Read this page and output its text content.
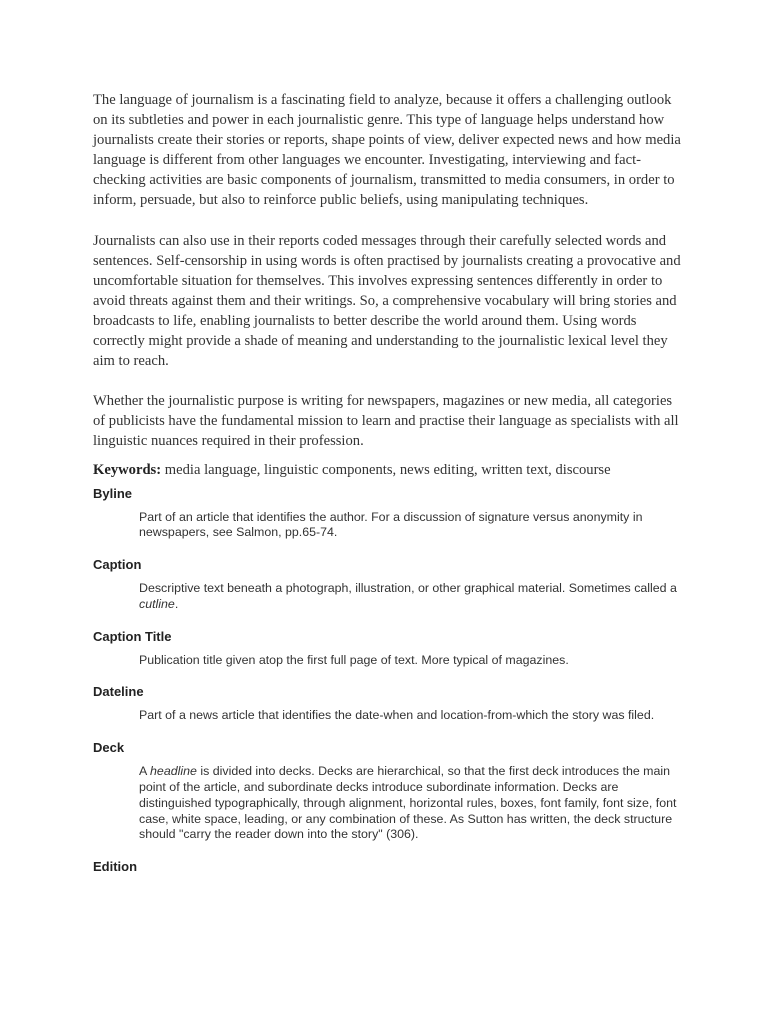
The language of journalism is a fascinating field to analyze, because it offers a challenging outlook on its subtleties and power in each journalistic genre. This type of language helps understand how journalists create their stories or reports, shape points of view, deliver expected news and how media language is different from other languages we encounter. Investigating, interviewing and fact-checking activities are basic components of journalism, transmitted to media consumers, in order to inform, persuade, but also to reinforce public beliefs, using manipulating techniques.

Journalists can also use in their reports coded messages through their carefully selected words and sentences. Self-censorship in using words is often practised by journalists creating a provocative and uncomfortable situation for themselves. This involves expressing sentences differently in order to avoid threats against them and their writings. So, a comprehensive vocabulary will bring stories and broadcasts to life, enabling journalists to better describe the world around them. Using words correctly might provide a shade of meaning and understanding to the journalistic lexical level they aim to reach.

Whether the journalistic purpose is writing for newspapers, magazines or new media, all categories of publicists have the fundamental mission to learn and practise their language as specialists with all linguistic nuances required in their profession.

Keywords: media language, linguistic components, news editing, written text, discourse

Byline
Part of an article that identifies the author. For a discussion of signature versus anonymity in newspapers, see Salmon, pp.65-74.
Caption
Descriptive text beneath a photograph, illustration, or other graphical material. Sometimes called a cutline.
Caption Title
Publication title given atop the first full page of text. More typical of magazines.
Dateline
Part of a news article that identifies the date-when and location-from-which the story was filed.
Deck
A headline is divided into decks. Decks are hierarchical, so that the first deck introduces the main point of the article, and subordinate decks introduce subordinate information. Decks are distinguished typographically, through alignment, horizontal rules, boxes, font family, font size, font case, white space, leading, or any combination of these. As Sutton has written, the deck structure should "carry the reader down into the story" (306).
Edition
